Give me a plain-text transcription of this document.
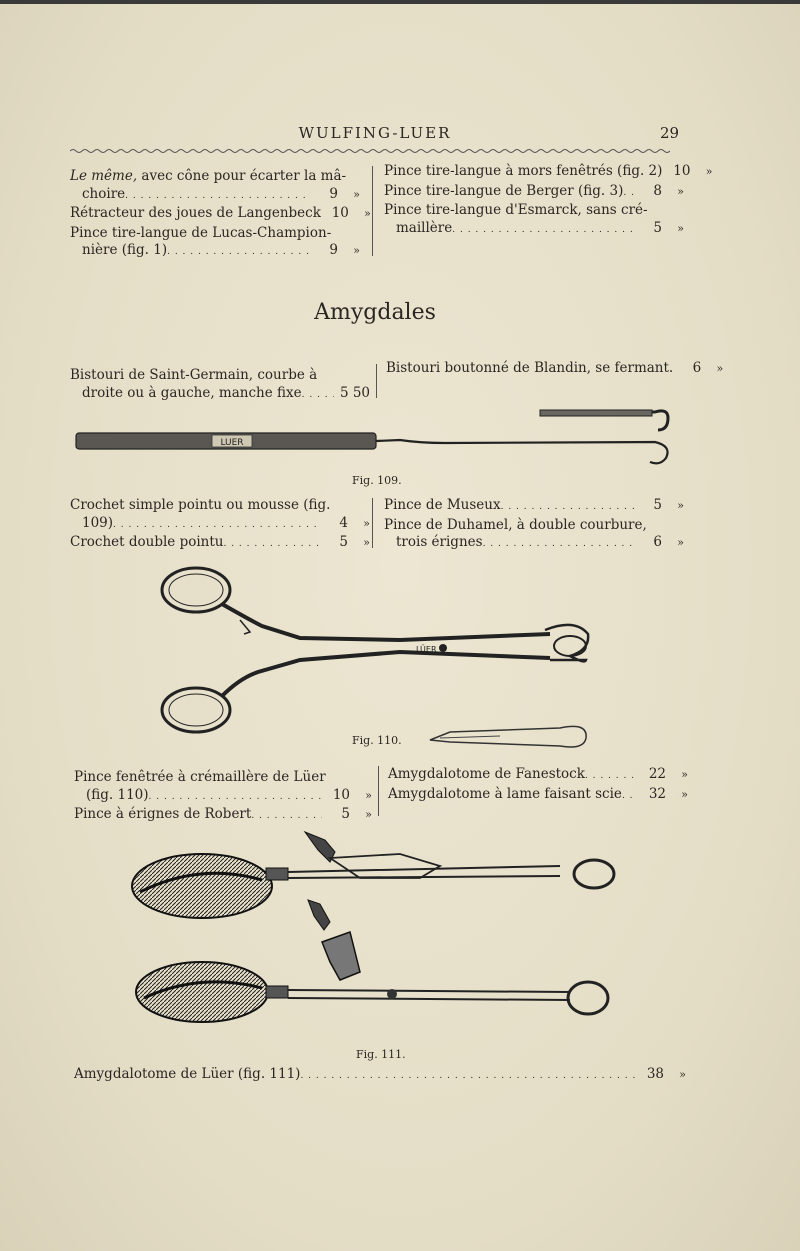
WULFING-LUER	29
Le même, avec cône pour écarter la mâ-
choire . . .	9	»
Rétracteur des joues de Langenbeck 10	»
Pince tire-langue de Lucas-Champion-
nière (fig. 1) . . .	9	»
Pince tire-langue à mors fenêtrés (fig. 2) 10	»
Pince tire-langue de Berger (fig. 3) . . .	8	»
Pince tire-langue d'Esmarck, sans cré-
maillère . . .	5	»
Amygdales
Bistouri de Saint-Germain, courbe à
droite ou à gauche, manche fixe . . .	5 50
Bistouri boutonné de Blandin, se fermant.	6	»
LUER
Fig. 109.
Crochet simple pointu ou mousse (fig.
109) . . .	4	»
Crochet double pointu . . .	5	»
Pince de Museux . . .	5	»
Pince de Duhamel, à double courbure,
trois érignes . . .	6	»
LÜER
Fig. 110.
Pince fenêtrée à crémaillère de Lüer
(fig. 110) . . .	10	»
Pince à érignes de Robert . . .	5	»
Amygdalotome de Fanestock . . .	22	»
Amygdalotome à lame faisant scie . . .	32	»
Fig. 111.
Amygdalotome de Lüer (fig. 111) . . .	38	»
